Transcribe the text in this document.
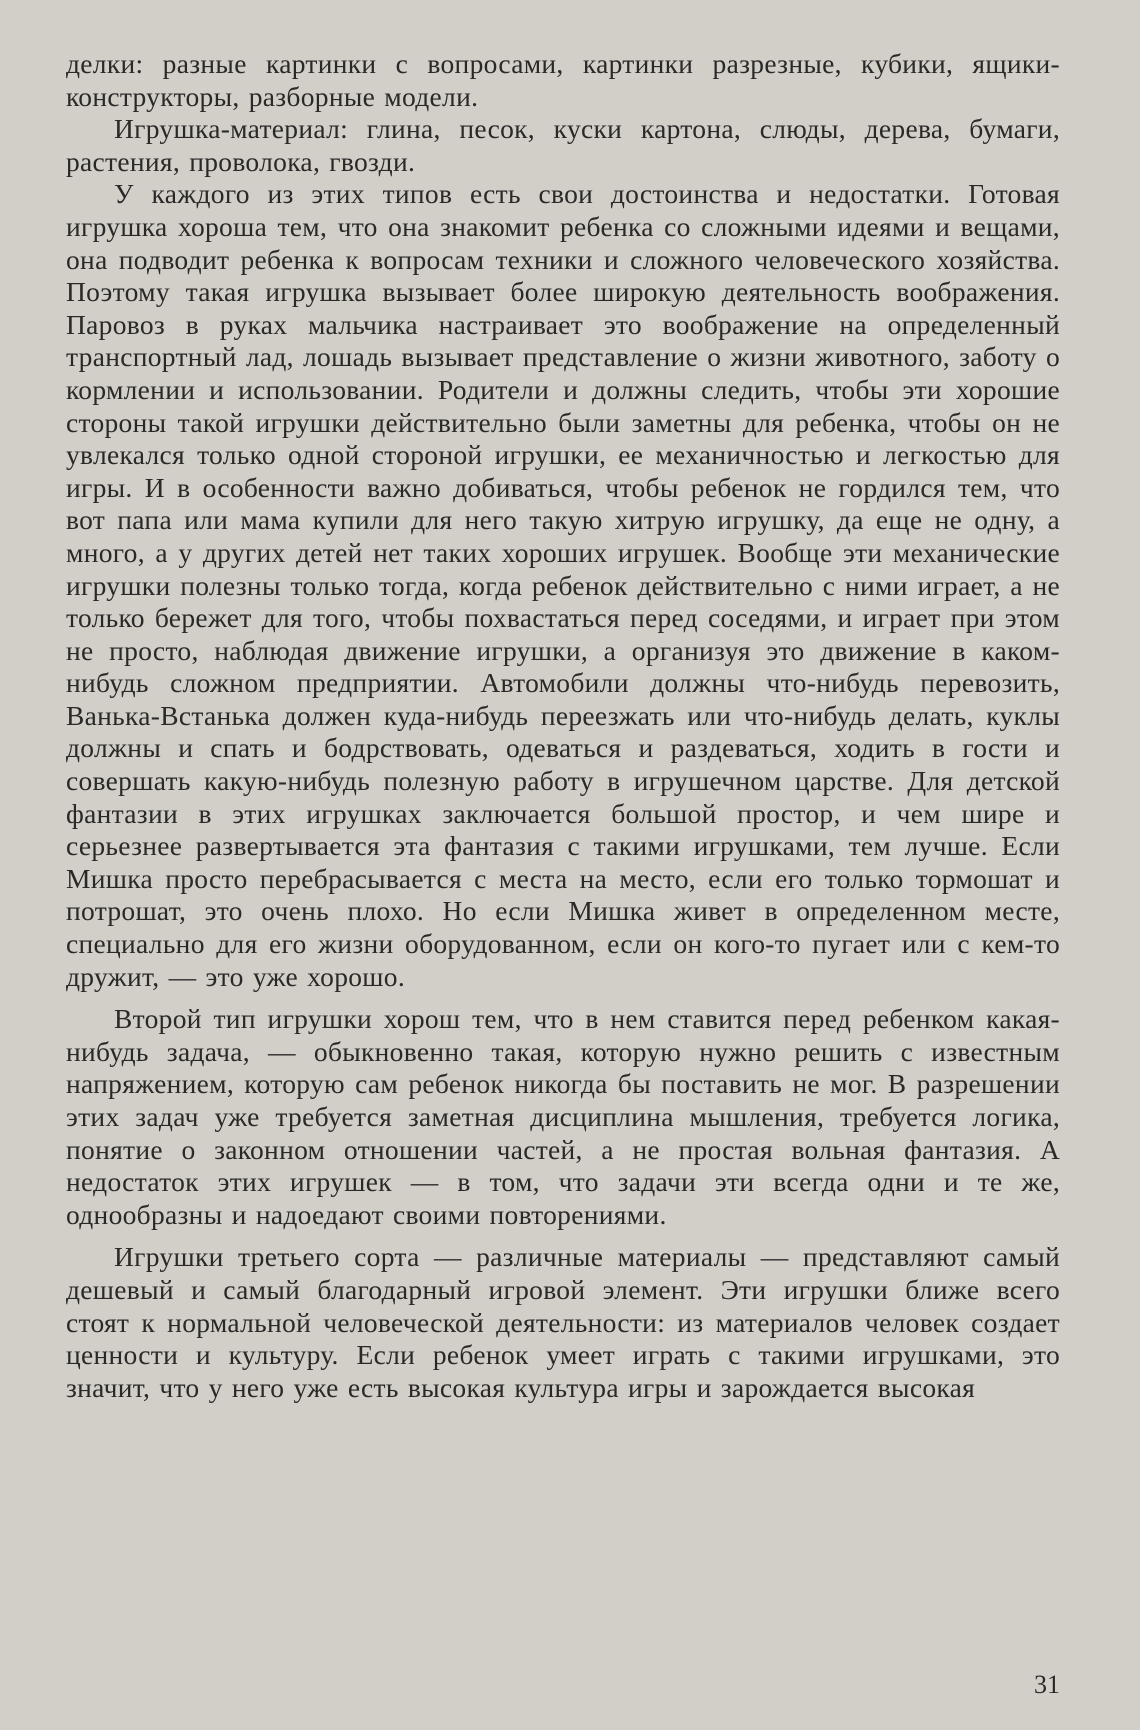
делки: разные картинки с вопросами, картинки разрезные, кубики, ящики-конструкторы, разборные модели.

Игрушка-материал: глина, песок, куски картона, слюды, дерева, бумаги, растения, проволока, гвозди.

У каждого из этих типов есть свои достоинства и недостатки. Готовая игрушка хороша тем, что она знакомит ребенка со сложными идеями и вещами, она подводит ребенка к вопросам техники и сложного человеческого хозяйства. Поэтому такая игрушка вызывает более широкую деятельность воображения. Паровоз в руках мальчика настраивает это воображение на определенный транспортный лад, лошадь вызывает представление о жизни животного, заботу о кормлении и использовании. Родители и должны следить, чтобы эти хорошие стороны такой игрушки действительно были заметны для ребенка, чтобы он не увлекался только одной стороной игрушки, ее механичностью и легкостью для игры. И в особенности важно добиваться, чтобы ребенок не гордился тем, что вот папа или мама купили для него такую хитрую игрушку, да еще не одну, а много, а у других детей нет таких хороших игрушек. Вообще эти механические игрушки полезны только тогда, когда ребенок действительно с ними играет, а не только бережет для того, чтобы похвастаться перед соседями, и играет при этом не просто, наблюдая движение игрушки, а организуя это движение в каком-нибудь сложном предприятии. Автомобили должны что-нибудь перевозить, Ванька-Встанька должен куда-нибудь переезжать или что-нибудь делать, куклы должны и спать и бодрствовать, одеваться и раздеваться, ходить в гости и совершать какую-нибудь полезную работу в игрушечном царстве. Для детской фантазии в этих игрушках заключается большой простор, и чем шире и серьезнее развертывается эта фантазия с такими игрушками, тем лучше. Если Мишка просто перебрасывается с места на место, если его только тормошат и потрошат, это очень плохо. Но если Мишка живет в определенном месте, специально для его жизни оборудованном, если он кого-то пугает или с кем-то дружит, — это уже хорошо.

Второй тип игрушки хорош тем, что в нем ставится перед ребенком какая-нибудь задача, — обыкновенно такая, которую нужно решить с известным напряжением, которую сам ребенок никогда бы поставить не мог. В разрешении этих задач уже требуется заметная дисциплина мышления, требуется логика, понятие о законном отношении частей, а не простая вольная фантазия. А недостаток этих игрушек — в том, что задачи эти всегда одни и те же, однообразны и надоедают своими повторениями.

Игрушки третьего сорта — различные материалы — представляют самый дешевый и самый благодарный игровой элемент. Эти игрушки ближе всего стоят к нормальной человеческой деятельности: из материалов человек создает ценности и культуру. Если ребенок умеет играть с такими игрушками, это значит, что у него уже есть высокая культура игры и зарождается высокая

31
